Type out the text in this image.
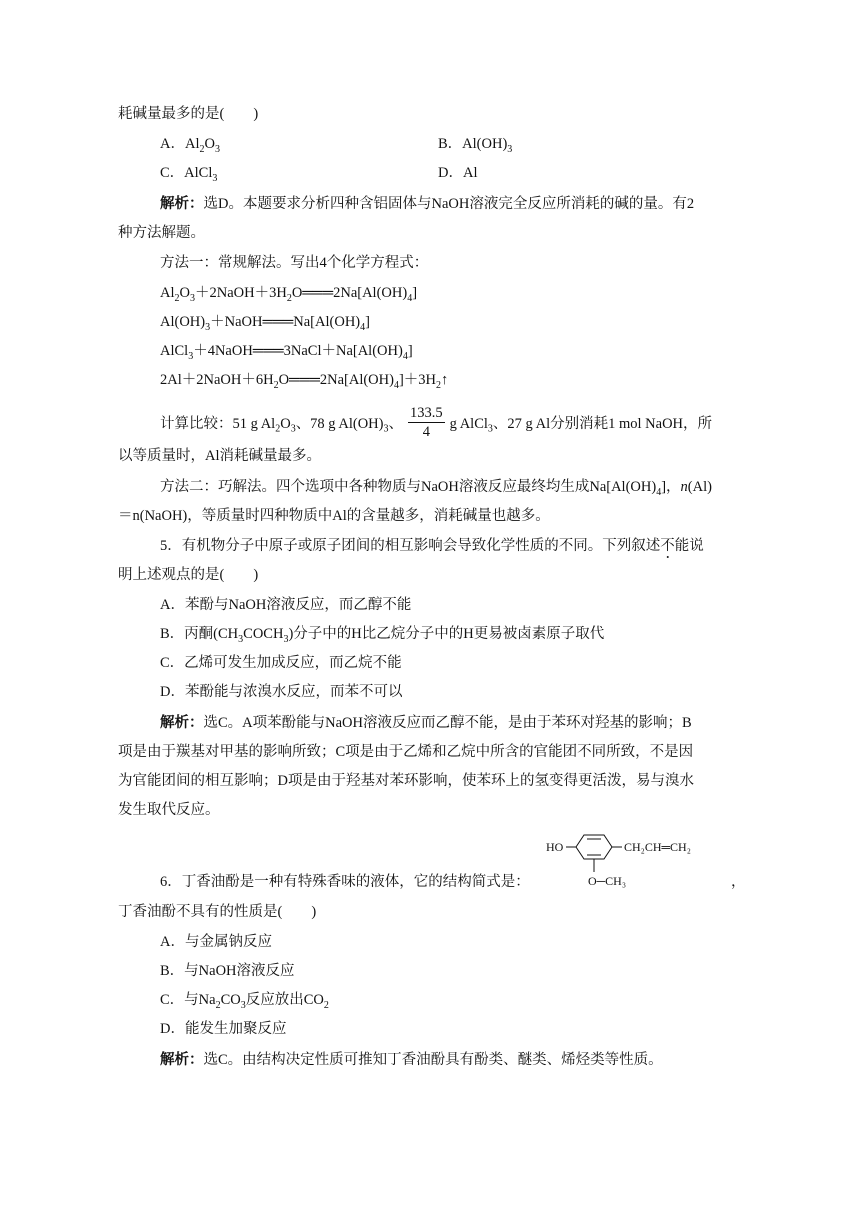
耗碱量最多的是(　　)
A．$Al_2O_3$	B．$Al(OH)_3$
C．AlCl$_3$	D．Al
解析：选D。本题要求分析四种含铝固体与NaOH溶液完全反应所消耗的碱的量。有2
种方法解题。
方法一：常规解法。写出4个化学方程式：
$Al_2O_3+2NaOH+3H_2O═══2Na[Al(OH)_4]$
$Al(OH)_3+NaOH═══Na[Al(OH)_4]$
$AlCl_3+4NaOH═══3NaCl+Na[Al(OH)_4]$
$2Al+2NaOH+6H_2O═══2Na[Al(OH)_4]+3H_2↑$
计算比较：51 g $Al_2O_3$、78 g $Al(OH)_3$、 $\frac{133.5}{4}$ g AlCl$_3$、27 g Al分别消耗1 mol NaOH，所
以等质量时，Al消耗碱量最多。
方法二：巧解法。四个选项中各种物质与NaOH溶液反应最终均生成$Na[Al(OH)_4]$，n(Al)
＝n(NaOH)，等质量时四种物质中Al的含量越多，消耗碱量也越多。
5．有机物分子中原子或原子团间的相互影响会导致化学性质的不同。下列叙述不能说
明上述观点的是(　　)
A．苯酚与NaOH溶液反应，而乙醇不能
B．丙酮$(CH_3COCH_3)$分子中的H比乙烷分子中的H更易被卤素原子取代
C．乙烯可发生加成反应，而乙烷不能
D．苯酚能与浓溴水反应，而苯不可以
解析：选C。A项苯酚能与NaOH溶液反应而乙醇不能，是由于苯环对羟基的影响；B
项是由于羰基对甲基的影响所致；C项是由于乙烯和乙烷中所含的官能团不同所致，不是因
为官能团间的相互影响；D项是由于羟基对苯环影响，使苯环上的氢变得更活泼，易与溴水
发生取代反应。
HO	CH₂CH═CH₂
O─CH₃
6．丁香油酚是一种有特殊香味的液体，它的结构简式是：	，
丁香油酚不具有的性质是(　　)
A．与金属钠反应
B．与NaOH溶液反应
C．与$Na_2CO_3$反应放出$CO_2$
D．能发生加聚反应
解析：选C。由结构决定性质可推知丁香油酚具有酚类、醚类、烯烃类等性质。
